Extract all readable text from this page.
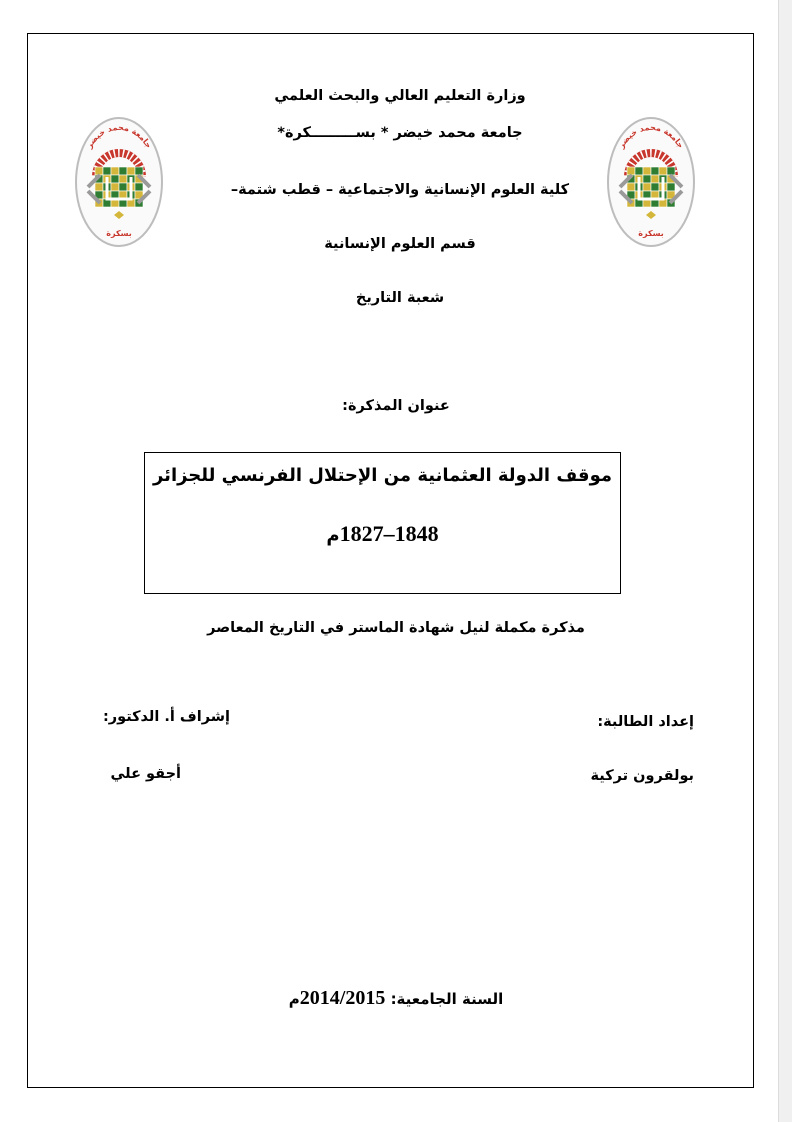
جامعة محمد خيضر
بسكرة
جامعة محمد خيضر
بسكرة
وزارة التعليم العالي والبحث العلمي
جامعة محمد خيضر * بســـــــــكرة*
كلية العلوم الإنسانية والاجتماعية – قطب شتمة–
قسم العلوم الإنسانية
شعبة التاريخ
عنوان المذكرة:
موقف الدولة العثمانية من الإحتلال الفرنسي للجزائر
1827–1848م
مذكرة مكملة لنيل شهادة الماستر في التاريخ المعاصر
إعداد الطالبة:
بولقرون تركية
إشراف أ. الدكتور:
أجقو علي
السنة الجامعية: 2014/2015م
